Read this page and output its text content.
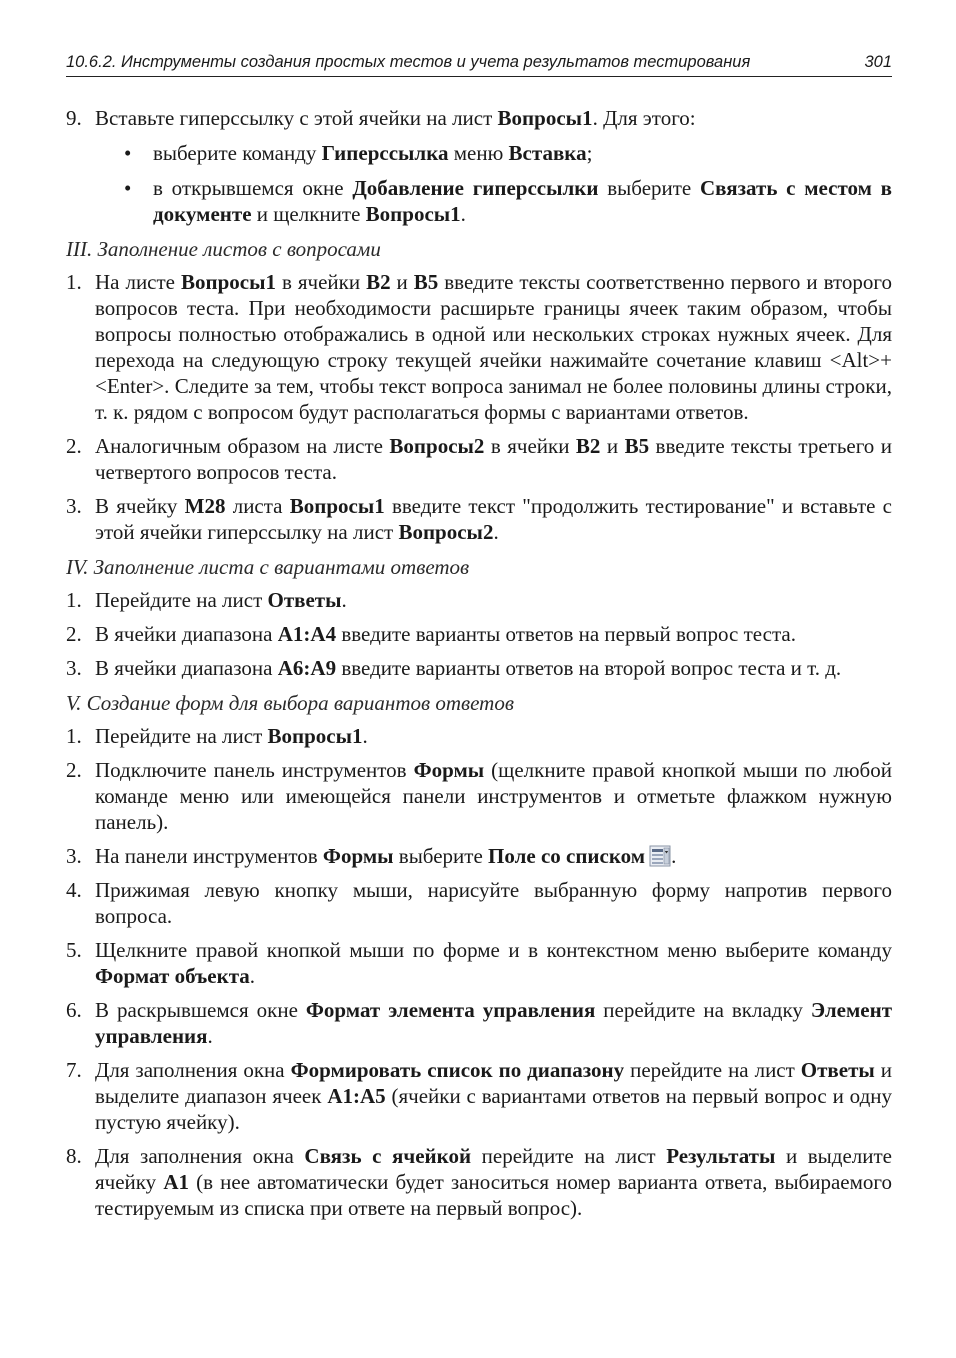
10.6.2. Инструменты создания простых тестов и учета результатов тестирования	301
9. Вставьте гиперссылку с этой ячейки на лист Вопросы1. Для этого:
• выберите команду Гиперссылка меню Вставка;
• в открывшемся окне Добавление гиперссылки выберите Связать с местом в документе и щелкните Вопросы1.
III. Заполнение листов с вопросами
1. На листе Вопросы1 в ячейки B2 и B5 введите тексты соответственно первого и второго вопросов теста. При необходимости расширьте границы ячеек таким образом, чтобы вопросы полностью отображались в одной или нескольких строках нужных ячеек. Для перехода на следующую строку текущей ячейки нажимайте сочетание клавиш <Alt>+<Enter>. Следите за тем, чтобы текст вопроса занимал не более половины длины строки, т. к. рядом с вопросом будут располагаться формы с вариантами ответов.
2. Аналогичным образом на листе Вопросы2 в ячейки B2 и B5 введите тексты третьего и четвертого вопросов теста.
3. В ячейку M28 листа Вопросы1 введите текст "продолжить тестирование" и вставьте с этой ячейки гиперссылку на лист Вопросы2.
IV. Заполнение листа с вариантами ответов
1. Перейдите на лист Ответы.
2. В ячейки диапазона A1:A4 введите варианты ответов на первый вопрос теста.
3. В ячейки диапазона A6:A9 введите варианты ответов на второй вопрос теста и т. д.
V. Создание форм для выбора вариантов ответов
1. Перейдите на лист Вопросы1.
2. Подключите панель инструментов Формы (щелкните правой кнопкой мыши по любой команде меню или имеющейся панели инструментов и отметьте флажком нужную панель).
3. На панели инструментов Формы выберите Поле со списком .
4. Прижимая левую кнопку мыши, нарисуйте выбранную форму напротив первого вопроса.
5. Щелкните правой кнопкой мыши по форме и в контекстном меню выберите команду Формат объекта.
6. В раскрывшемся окне Формат элемента управления перейдите на вкладку Элемент управления.
7. Для заполнения окна Формировать список по диапазону перейдите на лист Ответы и выделите диапазон ячеек A1:A5 (ячейки с вариантами ответов на первый вопрос и одну пустую ячейку).
8. Для заполнения окна Связь с ячейкой перейдите на лист Результаты и выделите ячейку A1 (в нее автоматически будет заноситься номер варианта ответа, выбираемого тестируемым из списка при ответе на первый вопрос).
